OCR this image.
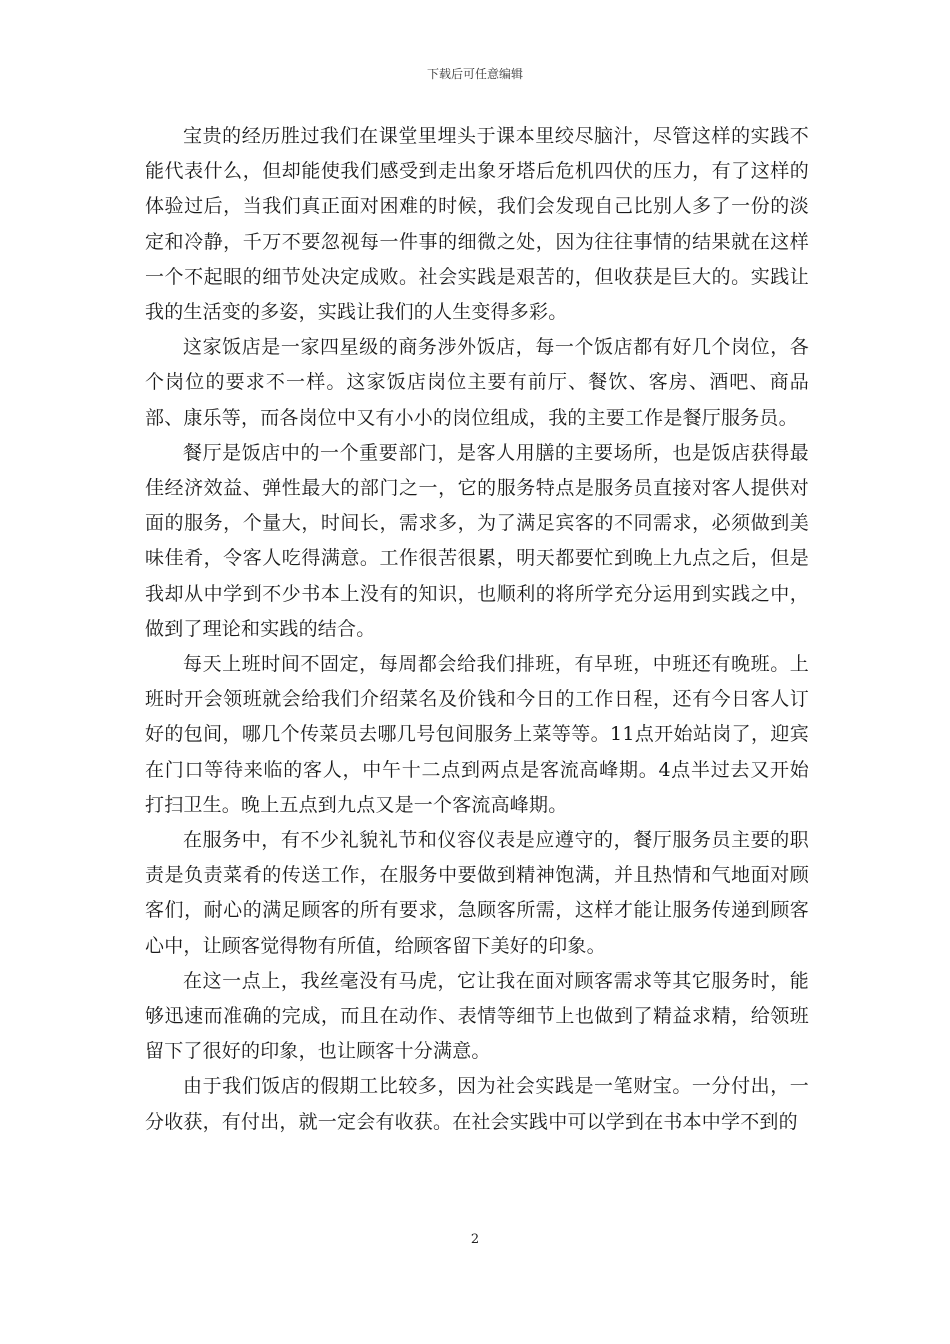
下载后可任意编辑

宝贵的经历胜过我们在课堂里埋头于课本里绞尽脑汁，尽管这样的实践不能代表什么，但却能使我们感受到走出象牙塔后危机四伏的压力，有了这样的体验过后，当我们真正面对困难的时候，我们会发现自己比别人多了一份的淡定和冷静，千万不要忽视每一件事的细微之处，因为往往事情的结果就在这样一个不起眼的细节处决定成败。社会实践是艰苦的，但收获是巨大的。实践让我的生活变的多姿，实践让我们的人生变得多彩。

这家饭店是一家四星级的商务涉外饭店，每一个饭店都有好几个岗位，各个岗位的要求不一样。这家饭店岗位主要有前厅、餐饮、客房、酒吧、商品部、康乐等，而各岗位中又有小小的岗位组成，我的主要工作是餐厅服务员。

餐厅是饭店中的一个重要部门，是客人用膳的主要场所，也是饭店获得最佳经济效益、弹性最大的部门之一，它的服务特点是服务员直接对客人提供对面的服务，个量大，时间长，需求多，为了满足宾客的不同需求，必须做到美味佳肴，令客人吃得满意。工作很苦很累，明天都要忙到晚上九点之后，但是我却从中学到不少书本上没有的知识，也顺利的将所学充分运用到实践之中，做到了理论和实践的结合。

每天上班时间不固定，每周都会给我们排班，有早班，中班还有晚班。上班时开会领班就会给我们介绍菜名及价钱和今日的工作日程，还有今日客人订好的包间，哪几个传菜员去哪几号包间服务上菜等等。11点开始站岗了，迎宾在门口等待来临的客人，中午十二点到两点是客流高峰期。4点半过去又开始打扫卫生。晚上五点到九点又是一个客流高峰期。

在服务中，有不少礼貌礼节和仪容仪表是应遵守的，餐厅服务员主要的职责是负责菜肴的传送工作，在服务中要做到精神饱满，并且热情和气地面对顾客们，耐心的满足顾客的所有要求，急顾客所需，这样才能让服务传递到顾客心中，让顾客觉得物有所值，给顾客留下美好的印象。

在这一点上，我丝毫没有马虎，它让我在面对顾客需求等其它服务时，能够迅速而准确的完成，而且在动作、表情等细节上也做到了精益求精，给领班留下了很好的印象，也让顾客十分满意。

由于我们饭店的假期工比较多，因为社会实践是一笔财宝。一分付出，一分收获，有付出，就一定会有收获。在社会实践中可以学到在书本中学不到的

2
